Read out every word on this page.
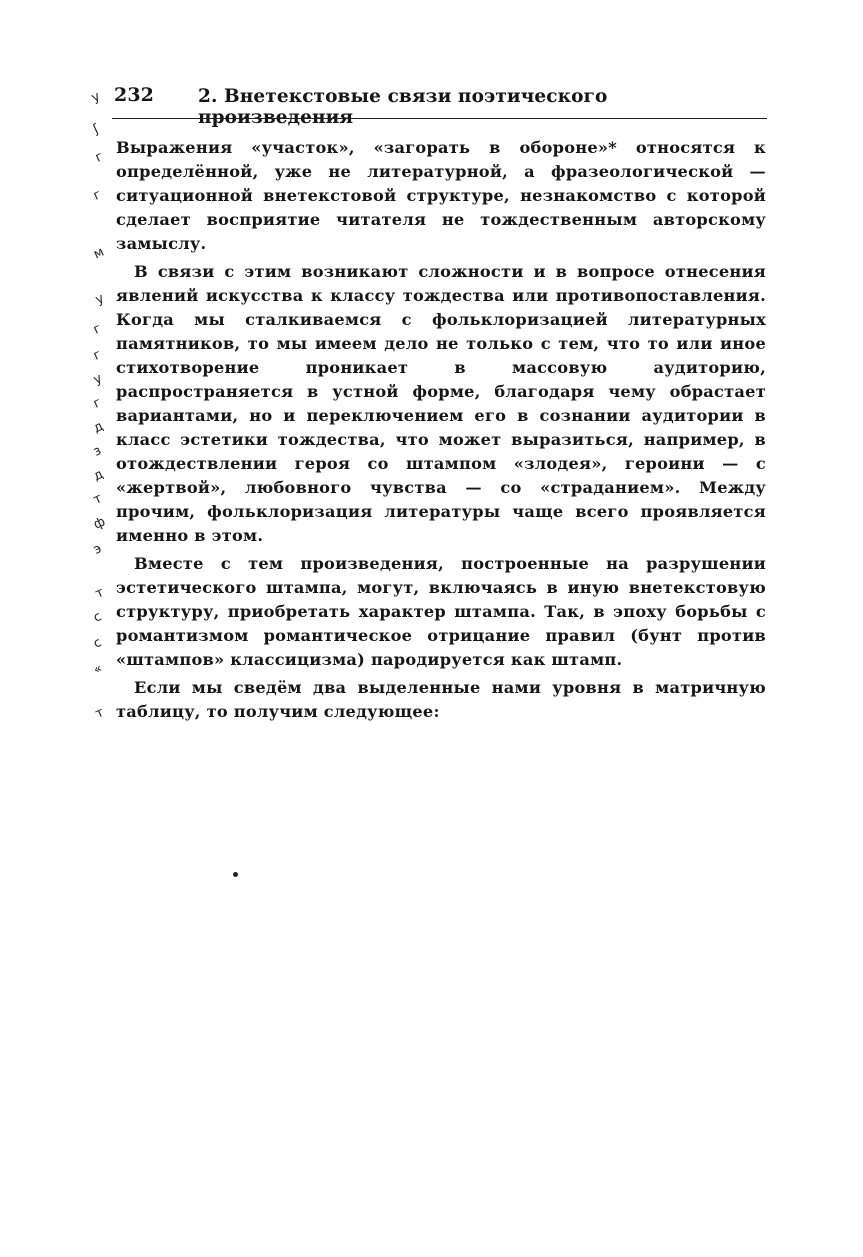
232 2. Внетекстовые связи поэтического произведения
у
ʃ
г
г
м
у
г
г
у
г
д
з
д
т
ф
э
т
с
с
«
т

Выражения «участок», «загорать в обороне»* относятся к определённой, уже не литературной, а фразеологической — ситуационной внетекстовой структуре, незнакомство с которой сделает восприятие читателя не тождественным авторскому замыслу.

В связи с этим возникают сложности и в вопросе отнесения явлений искусства к классу тождества или противопоставления. Когда мы сталкиваемся с фольклоризацией литературных памятников, то мы имеем дело не только с тем, что то или иное стихотворение проникает в массовую аудиторию, распространяется в устной форме, благодаря чему обрастает вариантами, но и переключением его в сознании аудитории в класс эстетики тождества, что может выразиться, например, в отождествлении героя со штампом «злодея», героини — с «жертвой», любовного чувства — со «страданием». Между прочим, фольклоризация литературы чаще всего проявляется именно в этом.

Вместе с тем произведения, построенные на разрушении эстетического штампа, могут, включаясь в иную внетекстовую структуру, приобретать характер штампа. Так, в эпоху борьбы с романтизмом романтическое отрицание правил (бунт против «штампов» классицизма) пародируется как штамп.

Если мы сведём два выделенные нами уровня в матричную таблицу, то получим следующее:
